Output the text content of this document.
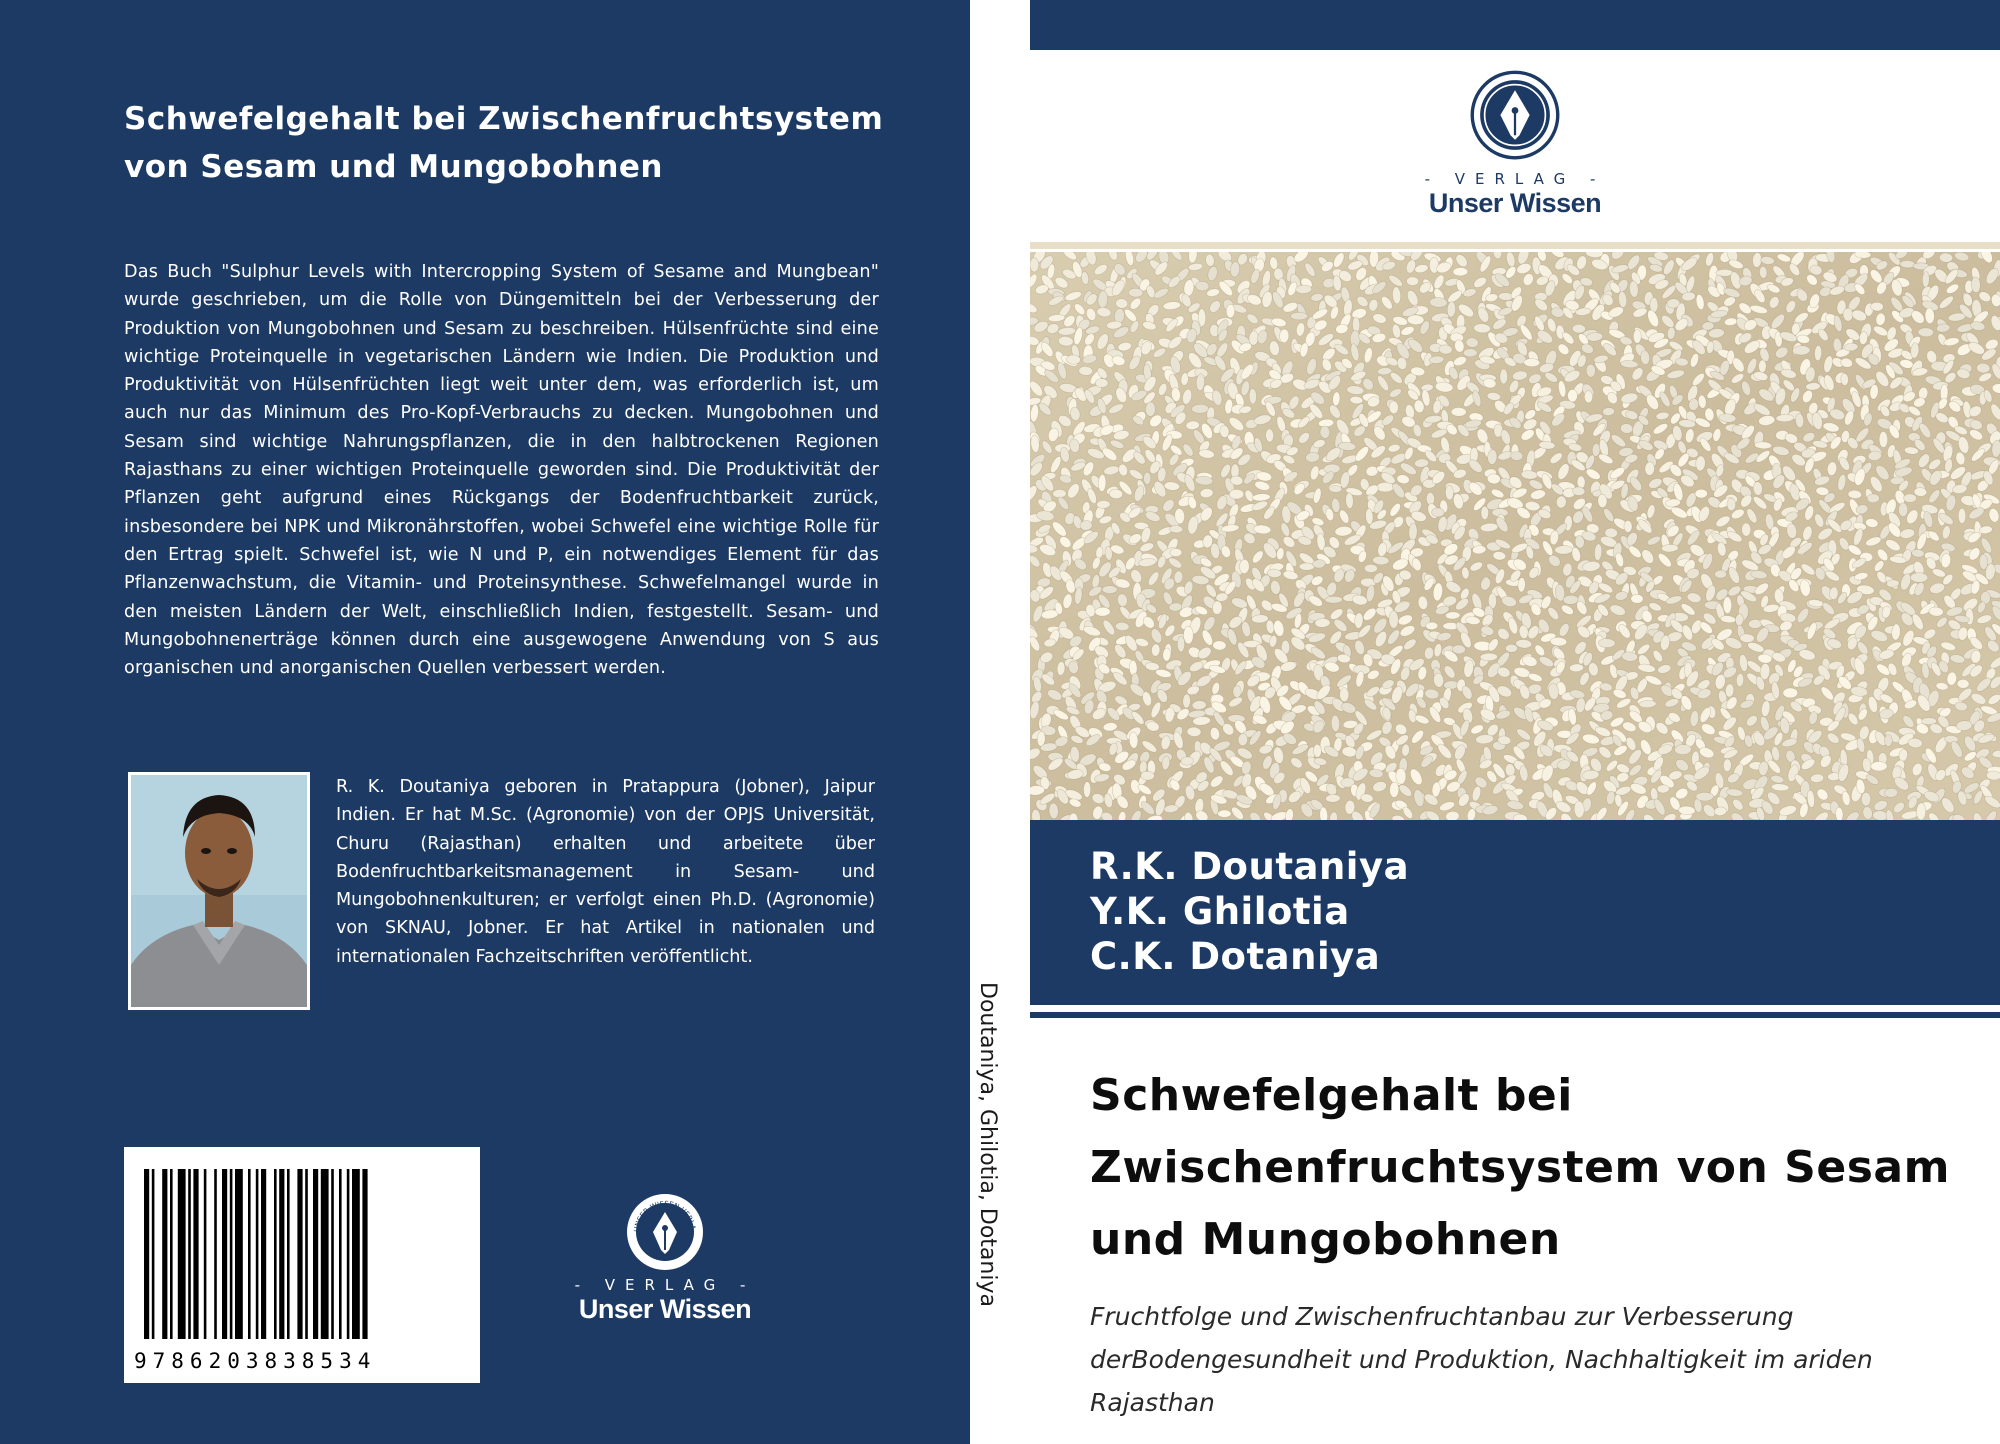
Schwefelgehalt bei Zwischenfruchtsystem von Sesam und Mungobohnen
Das Buch "Sulphur Levels with Intercropping System of Sesame and Mungbean" wurde geschrieben, um die Rolle von Düngemitteln bei der Verbesserung der Produktion von Mungobohnen und Sesam zu beschreiben. Hülsenfrüchte sind eine wichtige Proteinquelle in vegetarischen Ländern wie Indien. Die Produktion und Produktivität von Hülsenfrüchten liegt weit unter dem, was erforderlich ist, um auch nur das Minimum des Pro-Kopf-Verbrauchs zu decken. Mungobohnen und Sesam sind wichtige Nahrungspflanzen, die in den halbtrockenen Regionen Rajasthans zu einer wichtigen Proteinquelle geworden sind. Die Produktivität der Pflanzen geht aufgrund eines Rückgangs der Bodenfruchtbarkeit zurück, insbesondere bei NPK und Mikronährstoffen, wobei Schwefel eine wichtige Rolle für den Ertrag spielt. Schwefel ist, wie N und P, ein notwendiges Element für das Pflanzenwachstum, die Vitamin- und Proteinsynthese. Schwefelmangel wurde in den meisten Ländern der Welt, einschließlich Indien, festgestellt. Sesam- und Mungobohnenerträge können durch eine ausgewogene Anwendung von S aus organischen und anorganischen Quellen verbessert werden.
R. K. Doutaniya geboren in Pratappura (Jobner), Jaipur Indien. Er hat M.Sc. (Agronomie) von der OPJS Universität, Churu (Rajasthan) erhalten und arbeitete über Bodenfruchtbarkeitsmanagement in Sesam- und Mungobohnenkulturen; er verfolgt einen Ph.D. (Agronomie) von SKNAU, Jobner. Er hat Artikel in nationalen und internationalen Fachzeitschriften veröffentlicht.
9786203838534
UNSER WISSEN VERLA
- VERLAG -
Unser Wissen
Doutaniya, Ghilotia, Dotaniya
- VERLAG -
Unser Wissen
R.K. Doutaniya
Y.K. Ghilotia
C.K. Dotaniya
Schwefelgehalt bei Zwischenfruchtsystem von Sesam und Mungobohnen
Fruchtfolge und Zwischenfruchtanbau zur Verbesserung derBodengesundheit und Produktion, Nachhaltigkeit im ariden Rajasthan
